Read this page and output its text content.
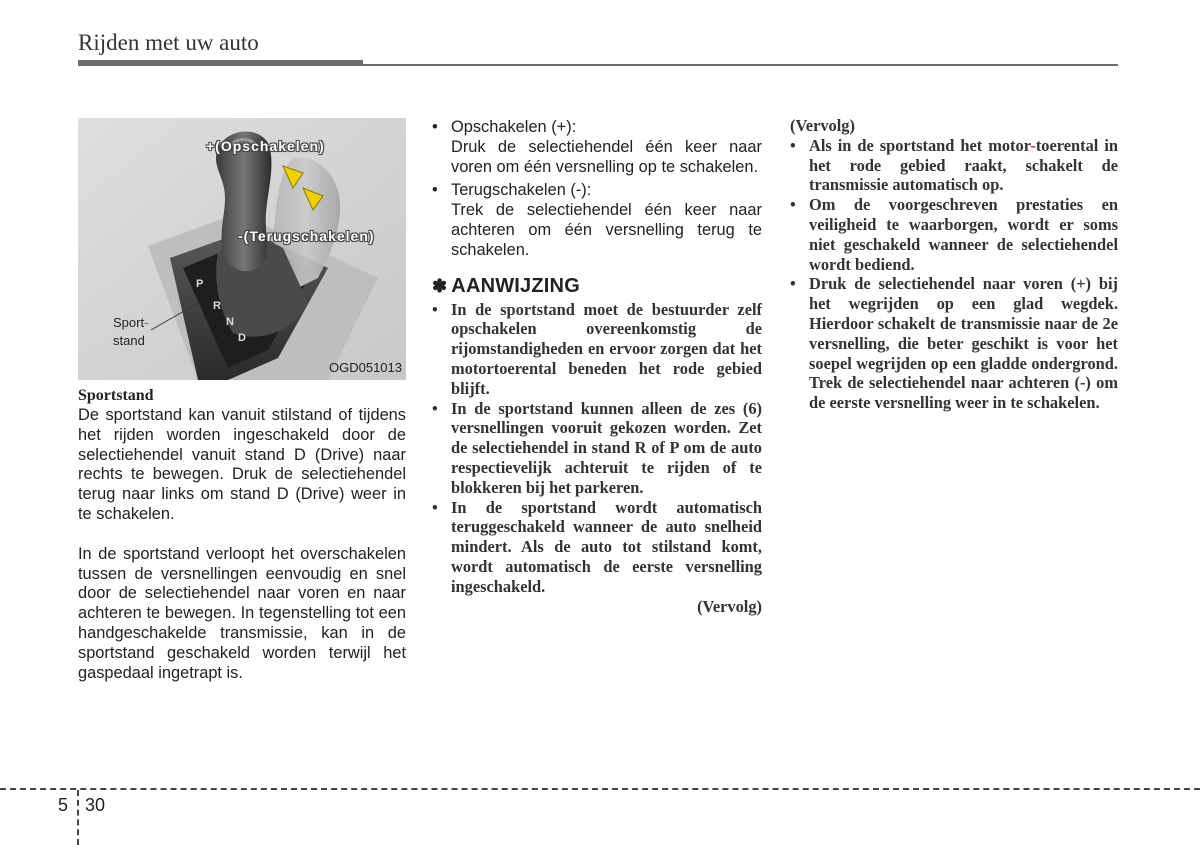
Rijden met uw auto
+(Opschakelen)
-(Terugschakelen)
P
R
N
D
Sport-
stand
OGD051013
Sportstand

De sportstand kan vanuit stilstand of tijdens het rijden worden ingeschakeld door de selectiehendel vanuit stand D (Drive) naar rechts te bewegen. Druk de selectiehendel terug naar links om stand D (Drive) weer in te schakelen.

In de sportstand verloopt het overschakelen tussen de versnellingen eenvoudig en snel door de selectiehendel naar voren en naar achteren te bewegen. In tegenstelling tot een handgeschakelde transmissie, kan in de sportstand geschakeld worden terwijl het gaspedaal ingetrapt is.

• Opschakelen (+):
Druk de selectiehendel één keer naar voren om één versnelling op te schakelen.
• Terugschakelen (-):
Trek de selectiehendel één keer naar achteren om één versnelling terug te schakelen.
✽ AANWIJZING
• In de sportstand moet de bestuurder zelf opschakelen overeenkomstig de rijomstandigheden en ervoor zorgen dat het motortoerental beneden het rode gebied blijft.
• In de sportstand kunnen alleen de zes (6) versnellingen vooruit gekozen worden. Zet de selectiehendel in stand R of P om de auto respectievelijk achteruit te rijden of te blokkeren bij het parkeren.
• In de sportstand wordt automatisch teruggeschakeld wanneer de auto snelheid mindert. Als de auto tot stilstand komt, wordt automatisch de eerste versnelling ingeschakeld.
(Vervolg)
(Vervolg)
• Als in de sportstand het motor-toerental in het rode gebied raakt, schakelt de transmissie automatisch op.
• Om de voorgeschreven prestaties en veiligheid te waarborgen, wordt er soms niet geschakeld wanneer de selectiehendel wordt bediend.
• Druk de selectiehendel naar voren (+) bij het wegrijden op een glad wegdek. Hierdoor schakelt de transmissie naar de 2e versnelling, die beter geschikt is voor het soepel wegrijden op een gladde ondergrond. Trek de selectiehendel naar achteren (-) om de eerste versnelling weer in te schakelen.
5 30
